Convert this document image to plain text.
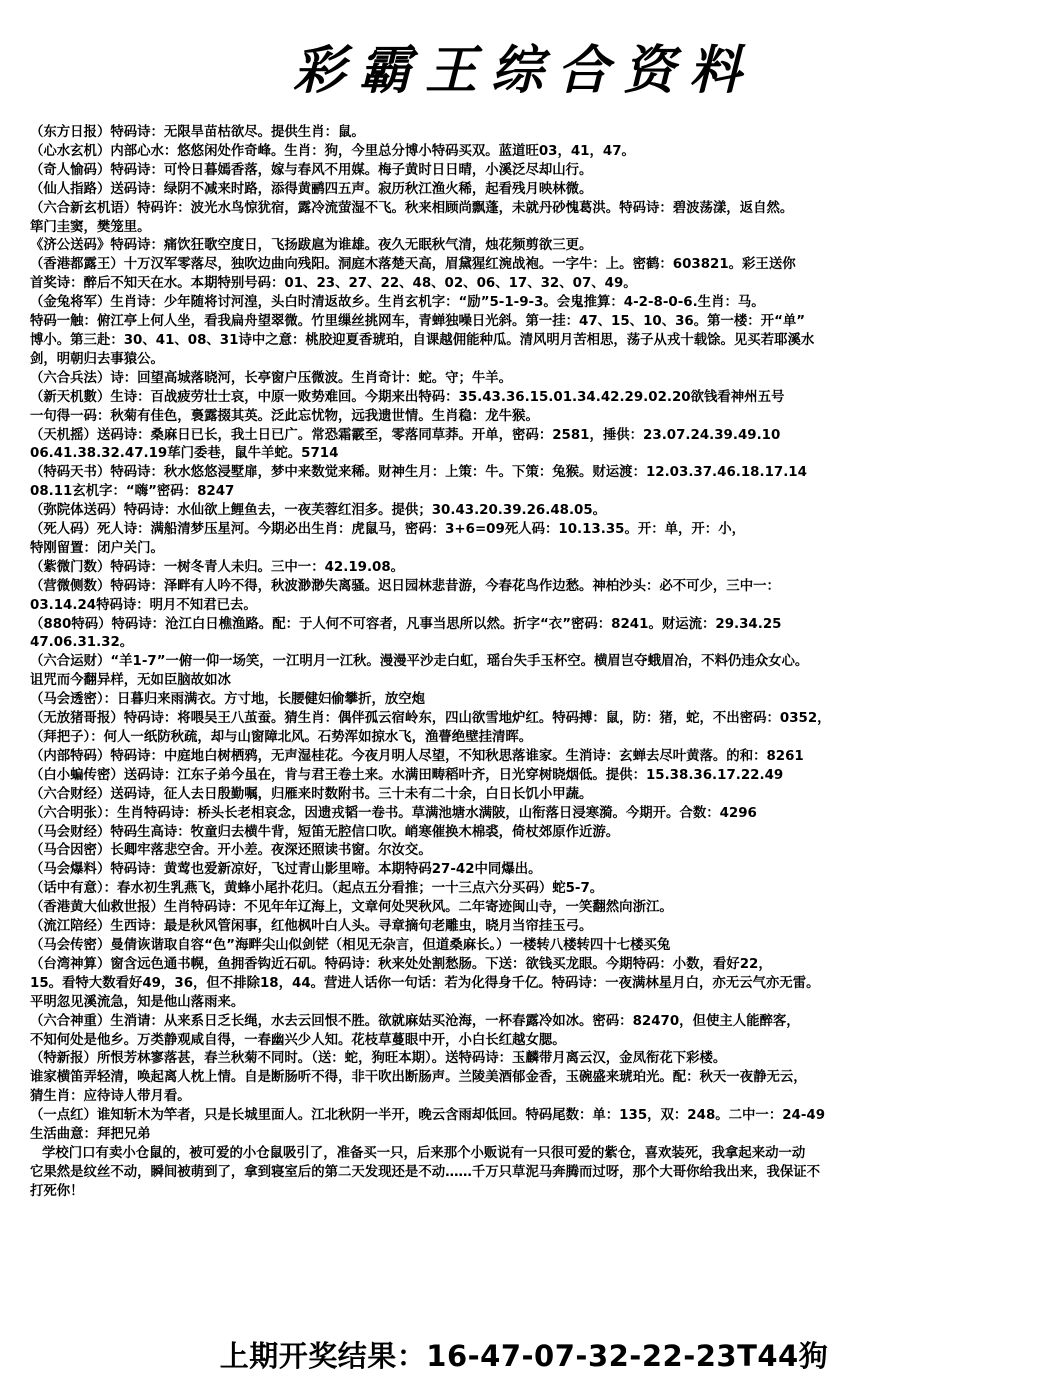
彩霸王综合资料
（东方日报）特码诗：无限旱苗枯欲尽。提供生肖：鼠。
（心水玄机）内部心水：悠悠闲处作奇峰。生肖：狗，今里总分博小特码买双。蓝道旺03，41，47。
（奇人愉码）特码诗：可怜日暮嫣香落，嫁与春风不用媒。梅子黄时日日晴，小溪泛尽却山行。
（仙人指路）送码诗：绿阴不减来时路，添得黄鹂四五声。寂历秋江渔火稀，起看残月映林微。
（六合新玄机语）特码许：波光水鸟惊犹宿，露冷流萤湿不飞。秋来相顾尚飘蓬，未就丹砂愧葛洪。特码诗：碧波荡漾，返自然。
筚门圭窦，樊笼里。
《济公送码》特码诗：痛饮狂歌空度日，飞扬跋扈为谁雄。夜久无眠秋气清，烛花频剪欲三更。
（香港都露王）十万汉军零落尽，独吹边曲向残阳。洞庭木落楚天高，眉黛猩红涴战袍。一字牛：上。密鹤：603821。彩王送你
首奖诗：醉后不知天在水。本期特别号码：01、23、27、22、48、02、06、17、32、07、49。
（金兔将军）生肖诗：少年随将讨河湟，头白时清返故乡。生肖玄机字：“励”5-1-9-3。会鬼推算：4-2-8-0-6.生肖：马。
特码一触：俯江亭上何人坐，看我扁舟望翠微。竹里缫丝挑网车，青蝉独噪日光斜。第一挂：47、15、10、36。第一楼：开“单”
博小。第三赴：30、41、08、31诗中之意：桃胶迎夏香琥珀，自课越佣能种瓜。清风明月苦相思，荡子从戎十载馀。见买若耶溪水
剑，明朝归去事猿公。
（六合兵法）诗：回望高城落晓河，长亭窗户压微波。生肖奇计：蛇。守；牛羊。
（新天机數）生诗：百战疲劳壮士哀，中原一败势难回。今期来出特码：35.43.36.15.01.34.42.29.02.20欲钱看神州五号
一句得一码：秋菊有佳色，裛露掇其英。泛此忘忧物，远我遗世情。生肖稳：龙牛猴。
（天机摇）送码诗：桑麻日已长，我土日已广。常恐霜霰至，零落同草莽。开单，密码：2581，捶供：23.07.24.39.49.10
06.41.38.32.47.19荜门委巷，鼠牛羊蛇。5714
（特码天书）特码诗：秋水悠悠浸墅扉，梦中来数觉来稀。财神生月：上策：牛。下策：兔猴。财运渡：12.03.37.46.18.17.14
08.11玄机字：“嗨”密码：8247
（弥院体送码）特码诗：水仙欲上鲤鱼去，一夜芙蓉红泪多。提供；30.43.20.39.26.48.05。
（死人码）死人诗：满船清梦压星河。今期必出生肖：虎鼠马，密码：3+6=09死人码：10.13.35。开：单，开：小，
特刚留置：闭户关门。
（紫微门数）特码诗：一树冬青人未归。三中一：42.19.08。
（营微侧数）特码诗：泽畔有人吟不得，秋波渺渺失离骚。迟日园林悲昔游，今春花鸟作边愁。神柏沙头：必不可少，三中一：
03.14.24特码诗：明月不知君已去。
（880特码）特码诗：沧江白日樵渔路。配：于人何不可容者，凡事当思所以然。折字“衣”密码：8241。财运流：29.34.25
47.06.31.32。
（六合运财）“羊1-7”一俯一仰一场笑，一江明月一江秋。漫漫平沙走白虹，瑶台失手玉杯空。横眉岂夺蛾眉冶，不料仍违众女心。
诅咒而今翻异样，无如臣脑故如冰
（马会透密）：日暮归来雨满衣。方寸地，长腰健妇偷攀折，放空炮
（无放猪哥报）特码诗：将喂吴王八茧蚕。猜生肖：偶伴孤云宿岭东，四山欲雪地炉红。特码搏：鼠，防：猪，蛇，不出密码：0352，
（拜把子）：何人一纸防秋疏，却与山窗障北风。石势浑如掠水飞，渔瞢绝壁挂清晖。
（内部特码）特码诗：中庭地白树栖鸦，无声湿桂花。今夜月明人尽望，不知秋思落谁家。生消诗：玄蝉去尽叶黄落。的和：8261
（白小蝙传密）送码诗：江东子弟今虽在，肯与君王卷土来。水满田畴稻叶齐，日光穿树晓烟低。提供：15.38.36.17.22.49
（六合财经）送码诗，征人去日殷勤嘱，归雁来时数附书。三十未有二十余，白日长饥小甲蔬。
（六合明张）：生肖特码诗：桥头长老相哀念，因遗戎韬一卷书。草满池塘水满陂，山衔落日浸寒漪。今期开。合数：4296
（马会财经）特码生高诗：牧童归去横牛背，短笛无腔信口吹。峭寒催换木棉裘，倚杖郊原作近游。
（马合因密）长卿牢落悲空舍。开小差。夜深还照读书窗。尔汝交。
（马会爆料）特码诗：黄莺也爱新凉好，飞过青山影里啼。本期特码27-42中同爆出。
（话中有意）：春水初生乳燕飞，黄蜂小尾扑花归。（起点五分看推；一十三点六分买码）蛇5-7。
（香港黄大仙救世报）生肖特码诗：不见年年辽海上，文章何处哭秋风。二年寄迹闽山寺，一笑翻然向浙江。
（流江陪经）生西诗：最是秋风管闲事，红他枫叶白人头。寻章摘句老雕虫，晓月当帘挂玉弓。
（马会传密）曼倩诙谐取自容“色”海畔尖山似剑铓（相见无杂言，但道桑麻长。）一楼转八楼转四十七楼买兔
（台湾神算）窗含远色通书幌，鱼拥香钩近石矶。特码诗：秋来处处割愁肠。下送：欲钱买龙眼。今期特码：小数，看好22，
15。看特大数看好49，36，但不排除18，44。营进人话你一句话：若为化得身千亿。特码诗：一夜满林星月白，亦无云气亦无雷。
平明忽见溪流急，知是他山落雨来。
（六合神重）生消请：从来系日乏长绳，水去云回恨不胜。欲就麻姑买沧海，一杯春露冷如冰。密码：82470，但使主人能醉客，
不知何处是他乡。万类静观咸自得，一春幽兴少人知。花枝草蔓眼中开，小白长红越女腮。
（特新报）所恨芳林寥落甚，春兰秋菊不同时。（送：蛇，狗旺本期）。送特码诗：玉麟带月离云汉，金凤衔花下彩楼。
谁家横笛弄轻清，唤起离人枕上情。自是断肠听不得，非干吹出断肠声。兰陵美酒郁金香，玉碗盛来琥珀光。配：秋天一夜静无云，
猜生肖：应待诗人带月看。
（一点红）谁知斩木为竿者，只是长城里面人。江北秋阴一半开，晚云含雨却低回。特码尾数：单：135，双：248。二中一：24-49
生活曲意：拜把兄弟
学校门口有卖小仓鼠的，被可爱的小仓鼠吸引了，准备买一只，后来那个小贩说有一只很可爱的紫仓，喜欢装死，我拿起来动一动
它果然是纹丝不动，瞬间被萌到了，拿到寝室后的第二天发现还是不动……千万只草泥马奔腾而过呀，那个大哥你给我出来，我保证不
打死你！
上期开奖结果：16-47-07-32-22-23T44狗
